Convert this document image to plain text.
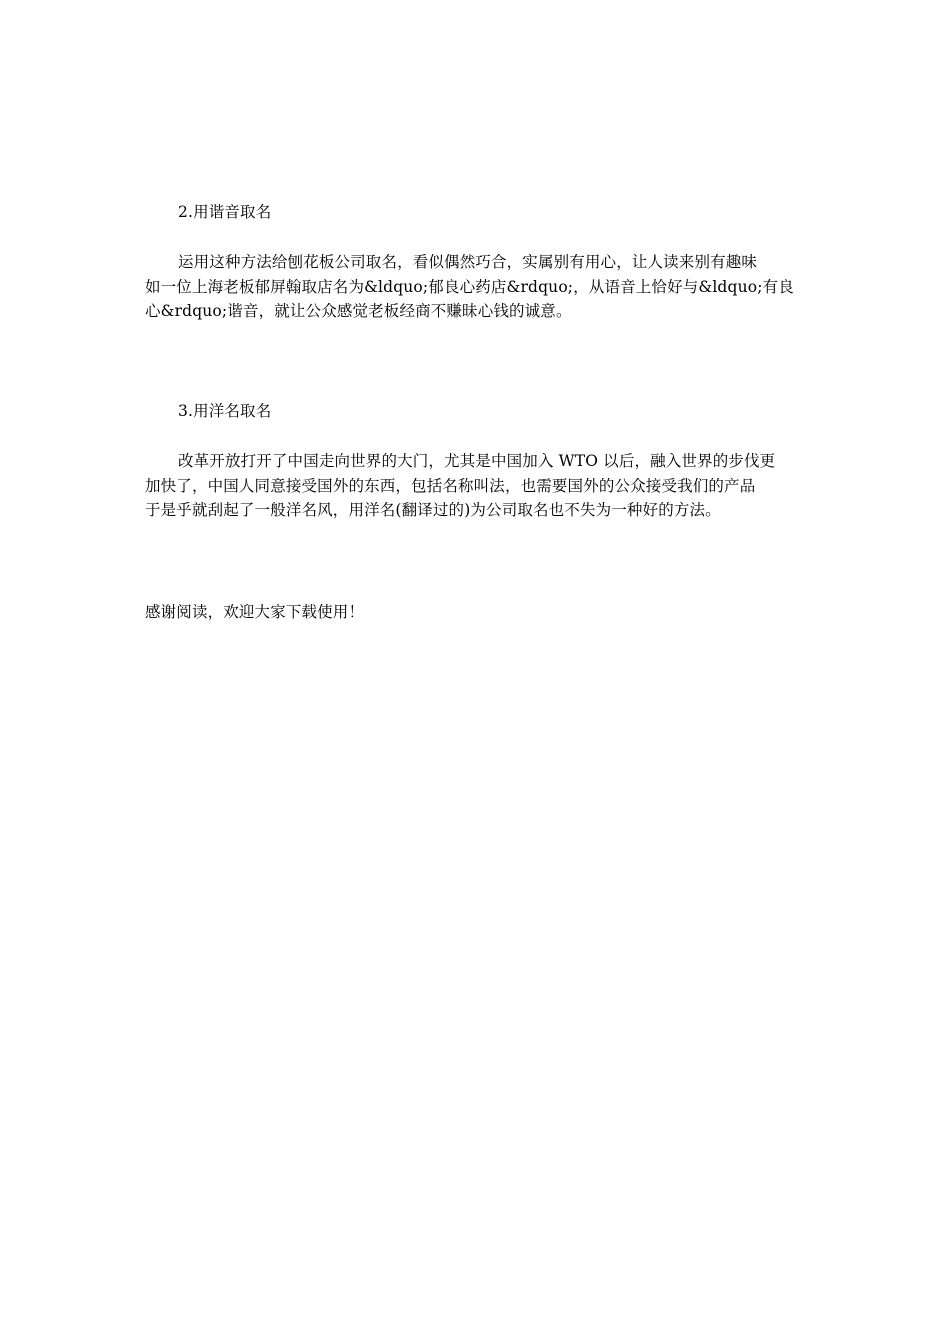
2.用谐音取名

运用这种方法给刨花板公司取名，看似偶然巧合，实属别有用心，让人读来别有趣味
如一位上海老板郁屏翰取店名为&ldquo;郁良心药店&rdquo;，从语音上恰好与&ldquo;有良
心&rdquo;谐音，就让公众感觉老板经商不赚昧心钱的诚意。

3.用洋名取名

改革开放打开了中国走向世界的大门，尤其是中国加入 WTO 以后，融入世界的步伐更
加快了，中国人同意接受国外的东西，包括名称叫法，也需要国外的公众接受我们的产品
于是乎就刮起了一般洋名风，用洋名(翻译过的)为公司取名也不失为一种好的方法。

感谢阅读，欢迎大家下载使用！
